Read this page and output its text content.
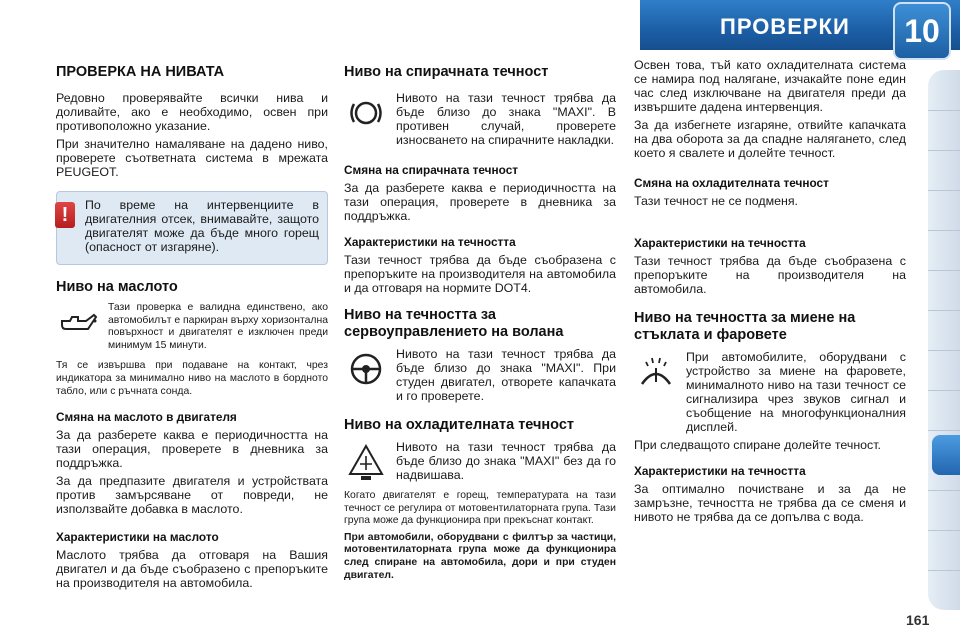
ПРОВЕРКИ	10
ПРОВЕРКА НА НИВАТА

Редовно проверявайте всички нива и доливайте, ако е необходимо, освен при противоположно указание.

При значително намаляване на дадено ниво, проверете съответната система в мрежата PEUGEOT.

!	По време на интервенциите в двигателния отсек, внимавайте, защото двигателят може да бъде много горещ (опасност от изгаряне).

Ниво на маслото

Тази проверка е валидна единствено, ако автомобилът е паркиран върху хоризонтална повърхност и двигателят е изключен преди минимум 15 минути.

Тя се извършва при подаване на контакт, чрез индикатора за минимално ниво на маслото в бордното табло, или с ръчната сонда.

Смяна на маслото в двигателя

За да разберете каква е периодичността на тази операция, проверете в дневника за поддръжка.

За да предпазите двигателя и устройствата против замърсяване от повреди, не използвайте добавка в маслото.

Характеристики на маслото

Маслото трябва да отговаря на Вашия двигател и да бъде съобразено с препоръките на производителя на автомобила.

Ниво на спирачната течност

Нивото на тази течност трябва да бъде близо до знака "MAXI". В противен случай, проверете износването на спирачните накладки.

Смяна на спирачната течност

За да разберете каква е периодичността на тази операция, проверете в дневника за поддръжка.

Характеристики на течността

Тази течност трябва да бъде съобразена с препоръките на производителя на автомобила и да отговаря на нормите DOT4.

Ниво на течността за сервоуправлението на волана

Нивото на тази течност трябва да бъде близо до знака "MAXI". При студен двигател, отворете капачката и го проверете.

Ниво на охладителната течност

Нивото на тази течност трябва да бъде близо до знака "MAXI" без да го надвишава.

Когато двигателят е горещ, температурата на тази течност се регулира от мотовентилаторната група. Тази група може да функционира при прекъснат контакт.

При автомобили, оборудвани с филтър за частици, мотовентилаторната група може да функционира след спиране на автомобила, дори и при студен двигател.

Освен това, тъй като охладителната система се намира под налягане, изчакайте поне един час след изключване на двигателя преди да извършите дадена интервенция.

За да избегнете изгаряне, отвийте капачката на два оборота за да спадне налягането, след което я свалете и долейте течност.

Смяна на охладителната течност

Тази течност не се подменя.

Характеристики на течността

Тази течност трябва да бъде съобразена с препоръките на производителя на автомобила.

Ниво на течността за миене на стъклата и фаровете

При автомобилите, оборудвани с устройство за миене на фаровете, минималното ниво на тази течност се сигнализира чрез звуков сигнал и съобщение на многофункционалния дисплей.

При следващото спиране долейте течност.

Характеристики на течността

За оптимално почистване и за да не замръзне, течността не трябва да се сменя и нивото не трябва да се допълва с вода.

161
